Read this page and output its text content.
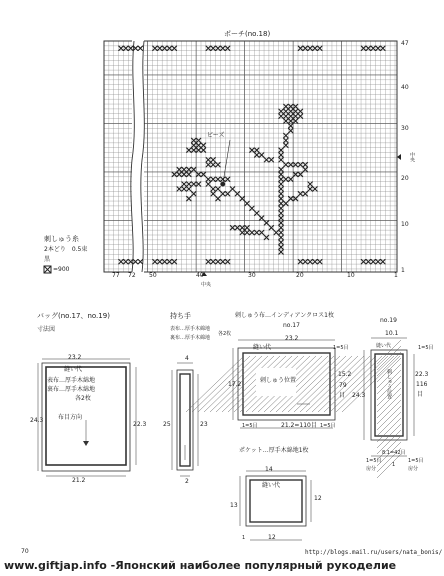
ポーチ(no.18)
77 72 50	40	30	20	10	1
中央
47
40
30
20
10
1
中央
ビーズ
刺しゅう糸
2本どり　0.5束
黒
=900
バッグ(no.17、no.19)
寸法図
23.2
縫い代
表布…厚手木綿地
裏布…厚手木綿地
各2枚
布目方向
24.3
22.3
21.2
持ち手
表布…厚手木綿地
裏布…厚手木綿地
各2枚
4
25	23
2
刺しゅう布…インディアンクロス1枚
no.17
23.2
縫い代	1=5目
刺しゅう位置
17.2
15.2
79
目
1=5目	21.2=110目 1=5目
no.19
10.1
縫い代	1=5目
刺しゅう位置
24.3
22.3
116
目
8.1=42目
1=5目	1=5目
房分	房分
1
ポケット…厚手木綿地1枚
14
縫い代
13
12
12
1
70	http://blogs.mail.ru/users/nata_bonis/
www.giftjap.info -Японский наиболее популярный рукоделие
